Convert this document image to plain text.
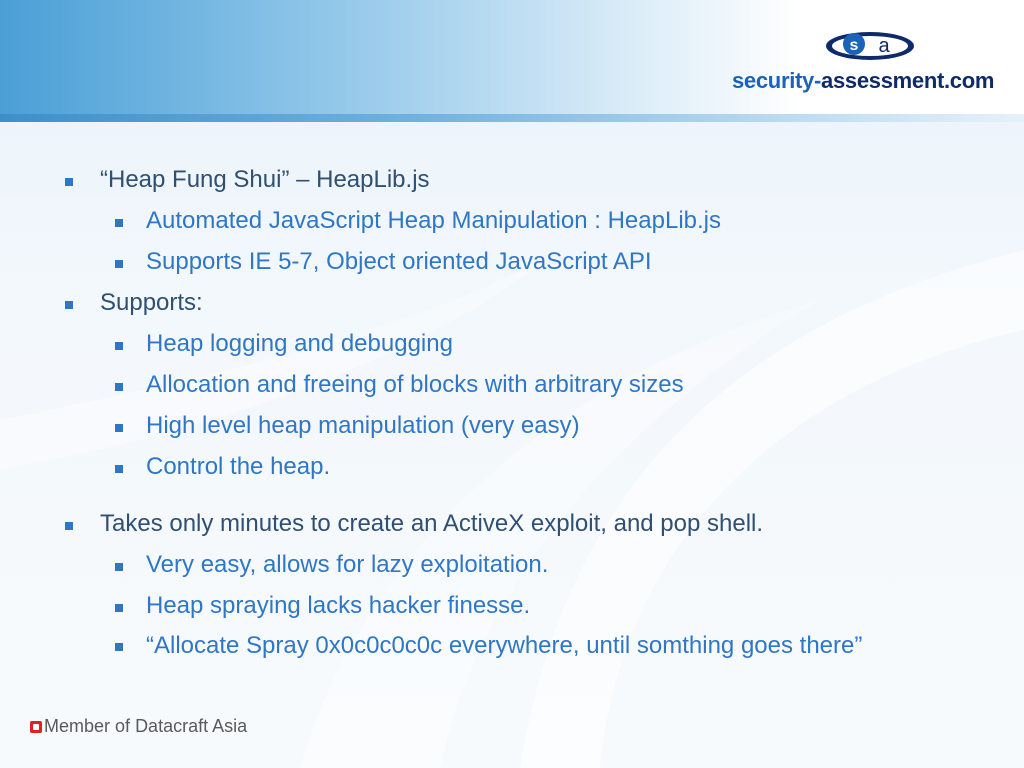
s a
security-assessment.com
“Heap Fung Shui” – HeapLib.js
Automated JavaScript Heap Manipulation : HeapLib.js
Supports IE 5-7, Object oriented JavaScript API
Supports:
Heap logging and debugging
Allocation and freeing of blocks with arbitrary sizes
High level heap manipulation (very easy)
Control the heap.
Takes only minutes to create an ActiveX exploit, and pop shell.
Very easy, allows for lazy exploitation.
Heap spraying lacks hacker finesse.
“Allocate Spray 0x0c0c0c0c everywhere, until somthing goes there”
Member of Datacraft Asia
